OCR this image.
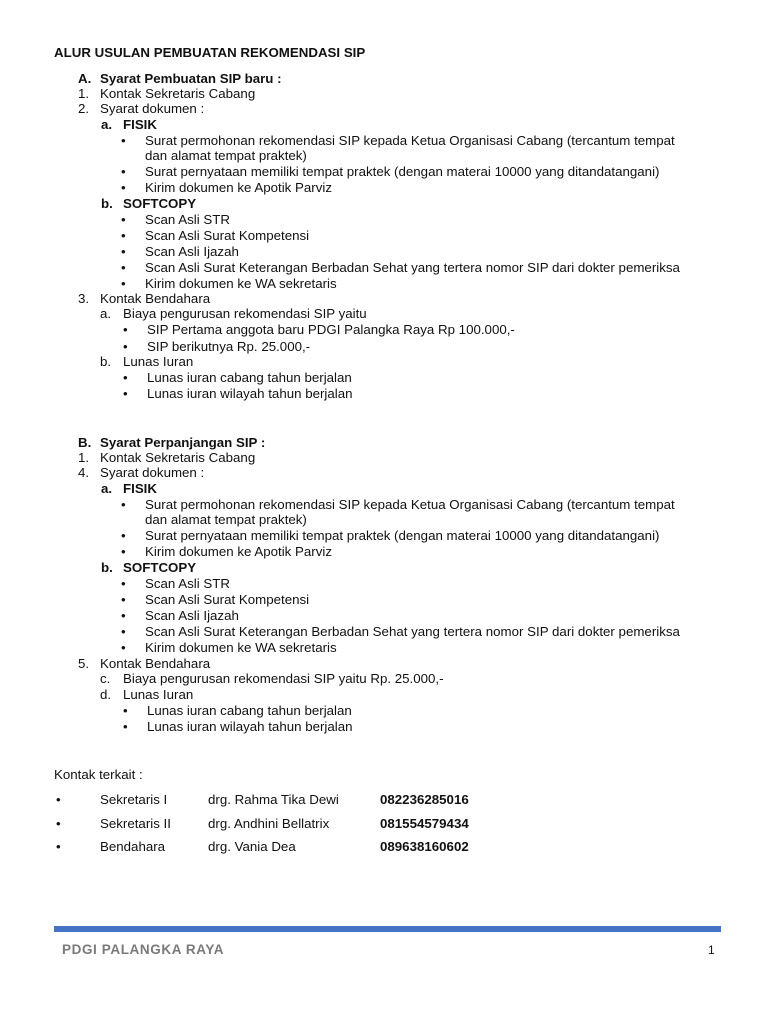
ALUR USULAN PEMBUATAN REKOMENDASI SIP
A. Syarat Pembuatan SIP baru :
1. Kontak Sekretaris Cabang
2. Syarat dokumen :
a. FISIK
• Surat permohonan rekomendasi SIP kepada Ketua Organisasi Cabang (tercantum tempat
dan alamat tempat praktek)
• Surat pernyataan memiliki tempat praktek (dengan materai 10000 yang ditandatangani)
• Kirim dokumen ke Apotik Parviz
b. SOFTCOPY
• Scan Asli STR
• Scan Asli Surat Kompetensi
• Scan Asli Ijazah
• Scan Asli Surat Keterangan Berbadan Sehat yang tertera nomor SIP dari dokter pemeriksa
• Kirim dokumen ke WA sekretaris
3. Kontak Bendahara
a. Biaya pengurusan rekomendasi SIP yaitu
• SIP Pertama anggota baru PDGI Palangka Raya Rp 100.000,-
• SIP berikutnya Rp. 25.000,-
b. Lunas Iuran
• Lunas iuran cabang tahun berjalan
• Lunas iuran wilayah tahun berjalan
B. Syarat Perpanjangan SIP :
1. Kontak Sekretaris Cabang
4. Syarat dokumen :
a. FISIK
• Surat permohonan rekomendasi SIP kepada Ketua Organisasi Cabang (tercantum tempat
dan alamat tempat praktek)
• Surat pernyataan memiliki tempat praktek (dengan materai 10000 yang ditandatangani)
• Kirim dokumen ke Apotik Parviz
b. SOFTCOPY
• Scan Asli STR
• Scan Asli Surat Kompetensi
• Scan Asli Ijazah
• Scan Asli Surat Keterangan Berbadan Sehat yang tertera nomor SIP dari dokter pemeriksa
• Kirim dokumen ke WA sekretaris
5. Kontak Bendahara
c. Biaya pengurusan rekomendasi SIP yaitu Rp. 25.000,-
d. Lunas Iuran
• Lunas iuran cabang tahun berjalan
• Lunas iuran wilayah tahun berjalan
Kontak terkait :
•	Sekretaris I	drg. Rahma Tika Dewi	082236285016
•	Sekretaris II	drg. Andhini Bellatrix	081554579434
•	Bendahara	drg. Vania Dea	089638160602
PDGI PALANGKA RAYA	1
